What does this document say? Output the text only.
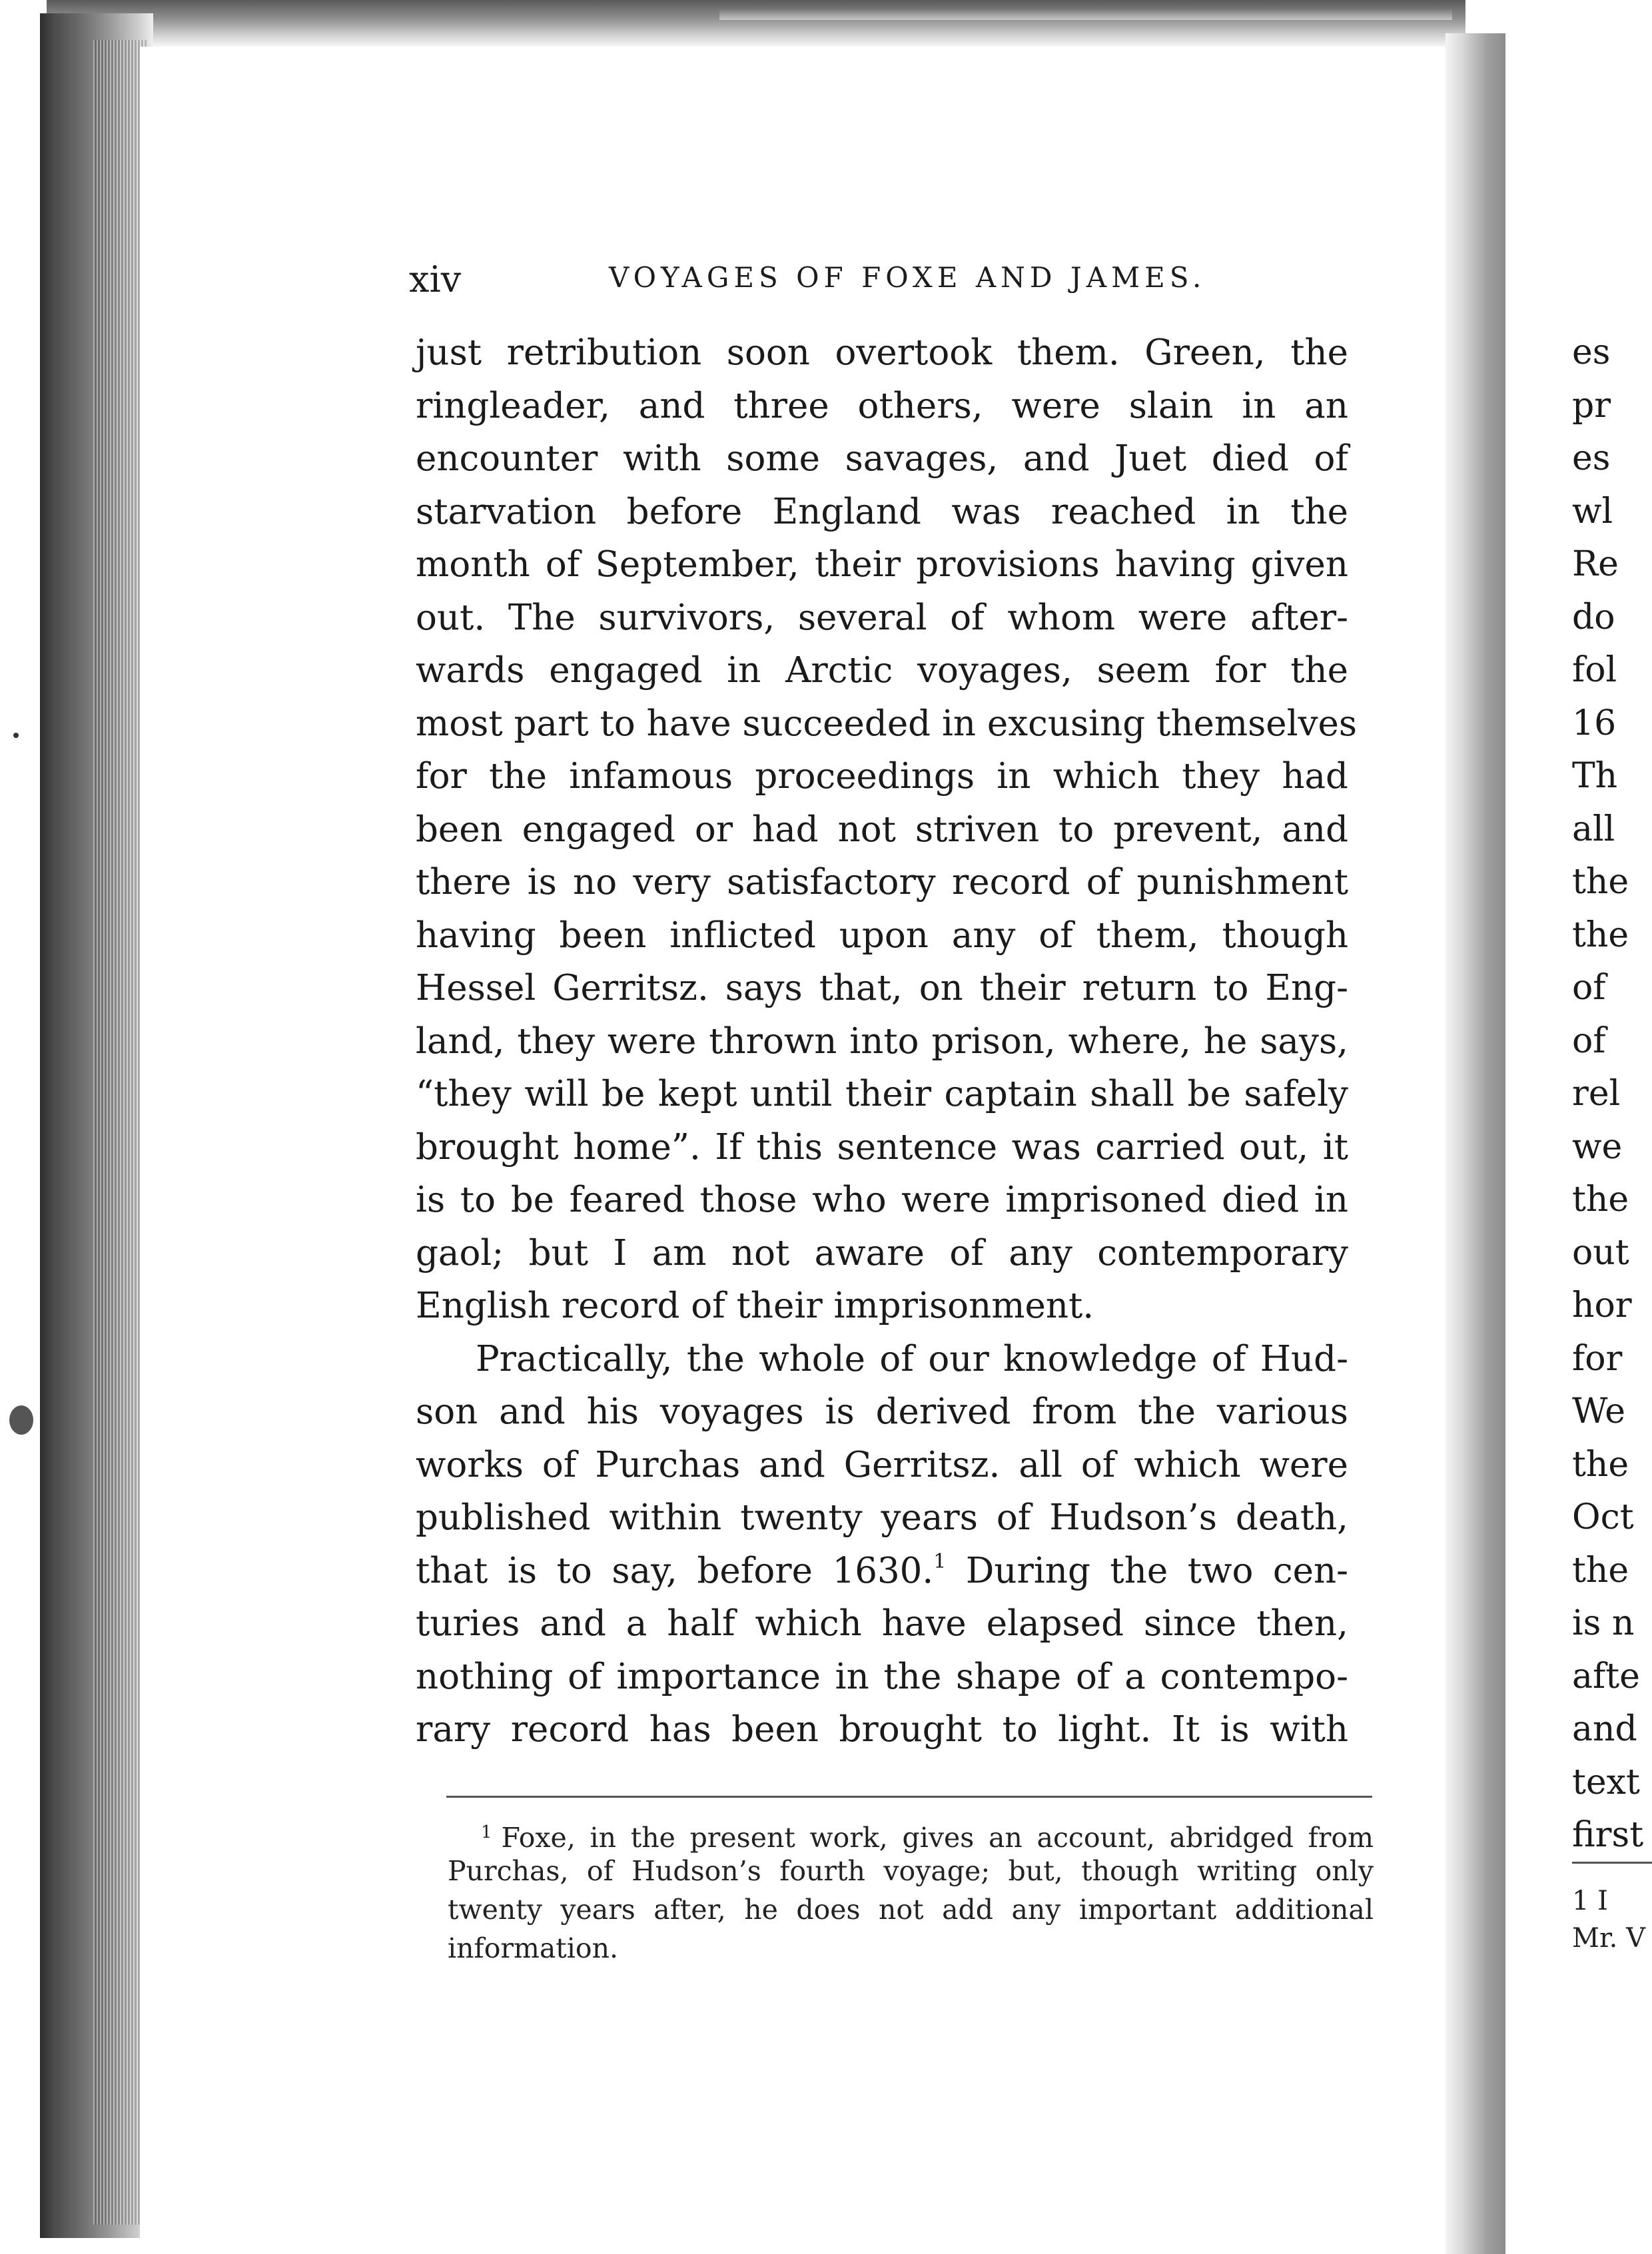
xiv	VOYAGES OF FOXE AND JAMES.
just retribution soon overtook them. Green, the
ringleader, and three others, were slain in an
encounter with some savages, and Juet died of
starvation before England was reached in the
month of September, their provisions having given
out. The survivors, several of whom were after-
wards engaged in Arctic voyages, seem for the
most part to have succeeded in excusing themselves
for the infamous proceedings in which they had
been engaged or had not striven to prevent, and
there is no very satisfactory record of punishment
having been inflicted upon any of them, though
Hessel Gerritsz. says that, on their return to Eng-
land, they were thrown into prison, where, he says,
“they will be kept until their captain shall be safely
brought home”. If this sentence was carried out, it
is to be feared those who were imprisoned died in
gaol; but I am not aware of any contemporary
English record of their imprisonment.
Practically, the whole of our knowledge of Hud-
son and his voyages is derived from the various
works of Purchas and Gerritsz. all of which were
published within twenty years of Hudson’s death,
that is to say, before 1630.$^1$ During the two cen-
turies and a half which have elapsed since then,
nothing of importance in the shape of a contempo-
rary record has been brought to light. It is with
$^1$ Foxe, in the present work, gives an account, abridged from
Purchas, of Hudson’s fourth voyage; but, though writing only
twenty years after, he does not add any important additional
information.
es
pr
es
wl
Re
do
fol
16
Th
all
the
the
of
of
rel
we
the
out
hor
for
We
the
Oct
the
is n
afte
and
text
first
1 I
Mr. V
